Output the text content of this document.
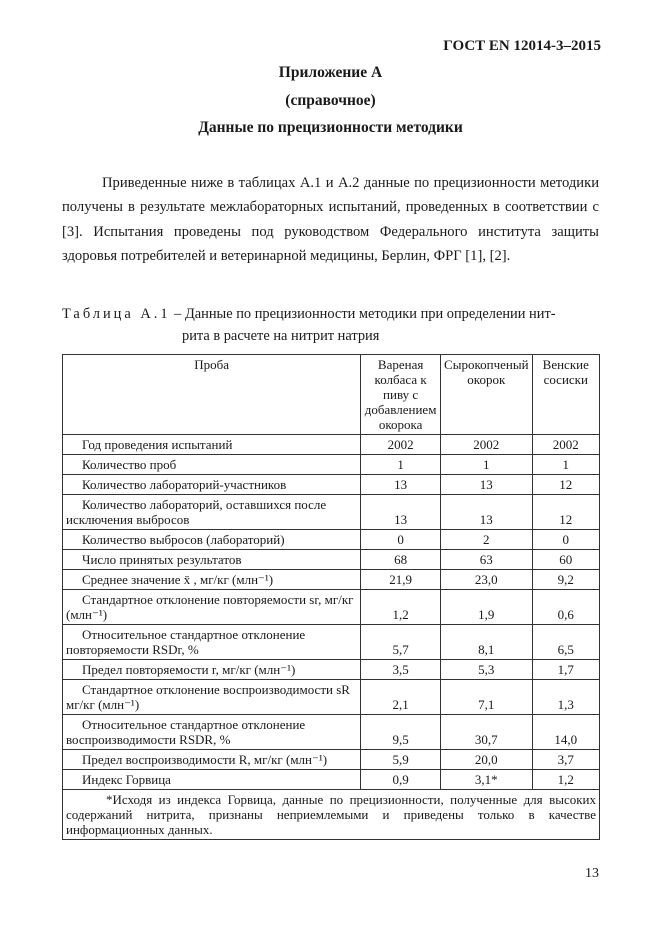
ГОСТ EN 12014-3–2015
Приложение А
(справочное)
Данные по прецизионности методики
Приведенные ниже в таблицах А.1 и А.2 данные по прецизионности методики получены в результате межлабораторных испытаний, проведенных в соответствии с [3]. Испытания проведены под руководством Федерального института защиты здоровья потребителей и ветеринарной медицины, Берлин, ФРГ [1], [2].
Таблица А.1 – Данные по прецизионности методики при определении нит-
рита в расчете на нитрит натрия
Проба	Вареная колбаса к пиву с добавлением окорока	Сырокопченый окорок	Венские сосиски
Год проведения испытаний	2002	2002	2002
Количество проб	1	1	1
Количество лабораторий-участников	13	13	12
Количество лабораторий, оставшихся после исключения выбросов	13	13	12
Количество выбросов (лабораторий)	0	2	0
Число принятых результатов	68	63	60
Среднее значение x̄ , мг/кг (млн⁻¹)	21,9	23,0	9,2
Стандартное отклонение повторяемости sr, мг/кг (млн⁻¹)	1,2	1,9	0,6
Относительное стандартное отклонение повторяемости RSDr, %	5,7	8,1	6,5
Предел повторяемости r, мг/кг (млн⁻¹)	3,5	5,3	1,7
Стандартное отклонение воспроизводимости sR мг/кг (млн⁻¹)	2,1	7,1	1,3
Относительное стандартное отклонение воспроизводимости RSDR, %	9,5	30,7	14,0
Предел воспроизводимости R, мг/кг (млн⁻¹)	5,9	20,0	3,7
Индекс Горвица	0,9	3,1*	1,2
*Исходя из индекса Горвица, данные по прецизионности, полученные для высоких содержаний нитрита, признаны неприемлемыми и приведены только в качестве информационных данных.			
13
